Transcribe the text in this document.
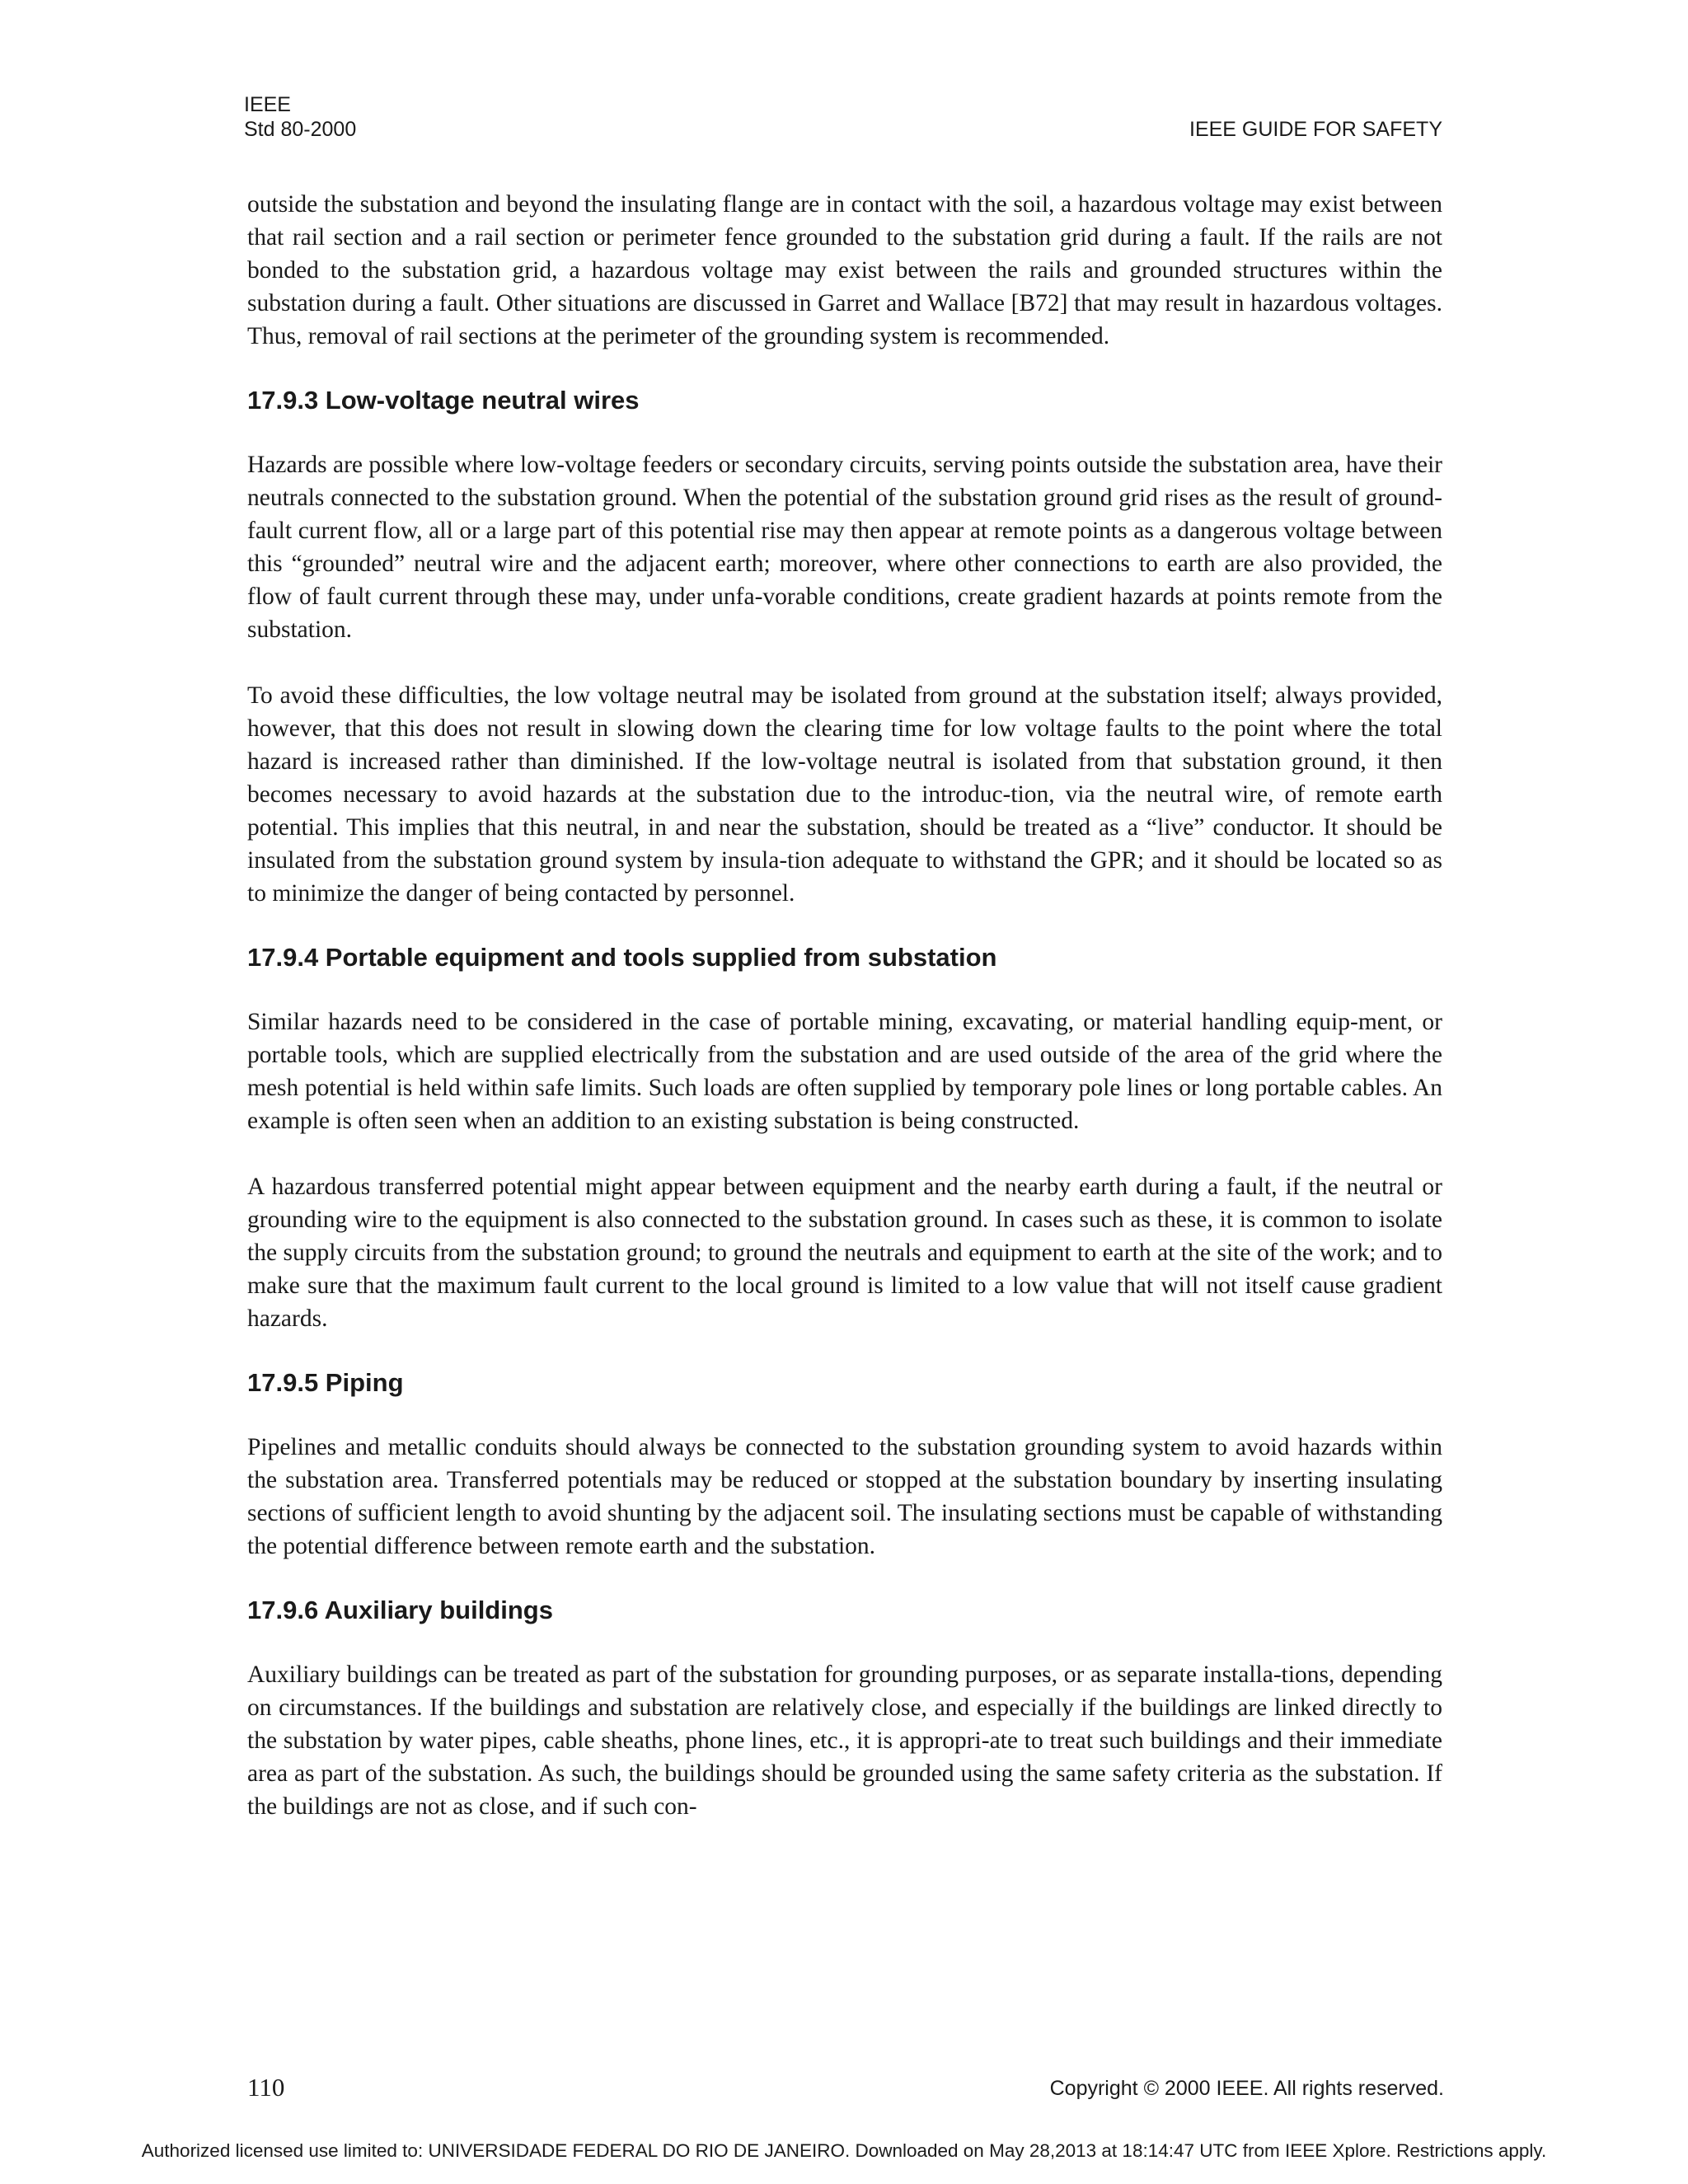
IEEE
Std 80-2000	IEEE GUIDE FOR SAFETY

outside the substation and beyond the insulating flange are in contact with the soil, a hazardous voltage may exist between that rail section and a rail section or perimeter fence grounded to the substation grid during a fault. If the rails are not bonded to the substation grid, a hazardous voltage may exist between the rails and grounded structures within the substation during a fault. Other situations are discussed in Garret and Wallace [B72] that may result in hazardous voltages. Thus, removal of rail sections at the perimeter of the grounding system is recommended.

17.9.3 Low-voltage neutral wires

Hazards are possible where low-voltage feeders or secondary circuits, serving points outside the substation area, have their neutrals connected to the substation ground. When the potential of the substation ground grid rises as the result of ground-fault current flow, all or a large part of this potential rise may then appear at remote points as a dangerous voltage between this “grounded” neutral wire and the adjacent earth; moreover, where other connections to earth are also provided, the flow of fault current through these may, under unfa-vorable conditions, create gradient hazards at points remote from the substation.

To avoid these difficulties, the low voltage neutral may be isolated from ground at the substation itself; always provided, however, that this does not result in slowing down the clearing time for low voltage faults to the point where the total hazard is increased rather than diminished. If the low-voltage neutral is isolated from that substation ground, it then becomes necessary to avoid hazards at the substation due to the introduc-tion, via the neutral wire, of remote earth potential. This implies that this neutral, in and near the substation, should be treated as a “live” conductor. It should be insulated from the substation ground system by insula-tion adequate to withstand the GPR; and it should be located so as to minimize the danger of being contacted by personnel.

17.9.4 Portable equipment and tools supplied from substation

Similar hazards need to be considered in the case of portable mining, excavating, or material handling equip-ment, or portable tools, which are supplied electrically from the substation and are used outside of the area of the grid where the mesh potential is held within safe limits. Such loads are often supplied by temporary pole lines or long portable cables. An example is often seen when an addition to an existing substation is being constructed.

A hazardous transferred potential might appear between equipment and the nearby earth during a fault, if the neutral or grounding wire to the equipment is also connected to the substation ground. In cases such as these, it is common to isolate the supply circuits from the substation ground; to ground the neutrals and equipment to earth at the site of the work; and to make sure that the maximum fault current to the local ground is limited to a low value that will not itself cause gradient hazards.

17.9.5 Piping

Pipelines and metallic conduits should always be connected to the substation grounding system to avoid hazards within the substation area. Transferred potentials may be reduced or stopped at the substation boundary by inserting insulating sections of sufficient length to avoid shunting by the adjacent soil. The insulating sections must be capable of withstanding the potential difference between remote earth and the substation.

17.9.6 Auxiliary buildings

Auxiliary buildings can be treated as part of the substation for grounding purposes, or as separate installa-tions, depending on circumstances. If the buildings and substation are relatively close, and especially if the buildings are linked directly to the substation by water pipes, cable sheaths, phone lines, etc., it is appropri-ate to treat such buildings and their immediate area as part of the substation. As such, the buildings should be grounded using the same safety criteria as the substation. If the buildings are not as close, and if such con-

110	Copyright © 2000 IEEE. All rights reserved.
Authorized licensed use limited to: UNIVERSIDADE FEDERAL DO RIO DE JANEIRO. Downloaded on May 28,2013 at 18:14:47 UTC from IEEE Xplore. Restrictions apply.
